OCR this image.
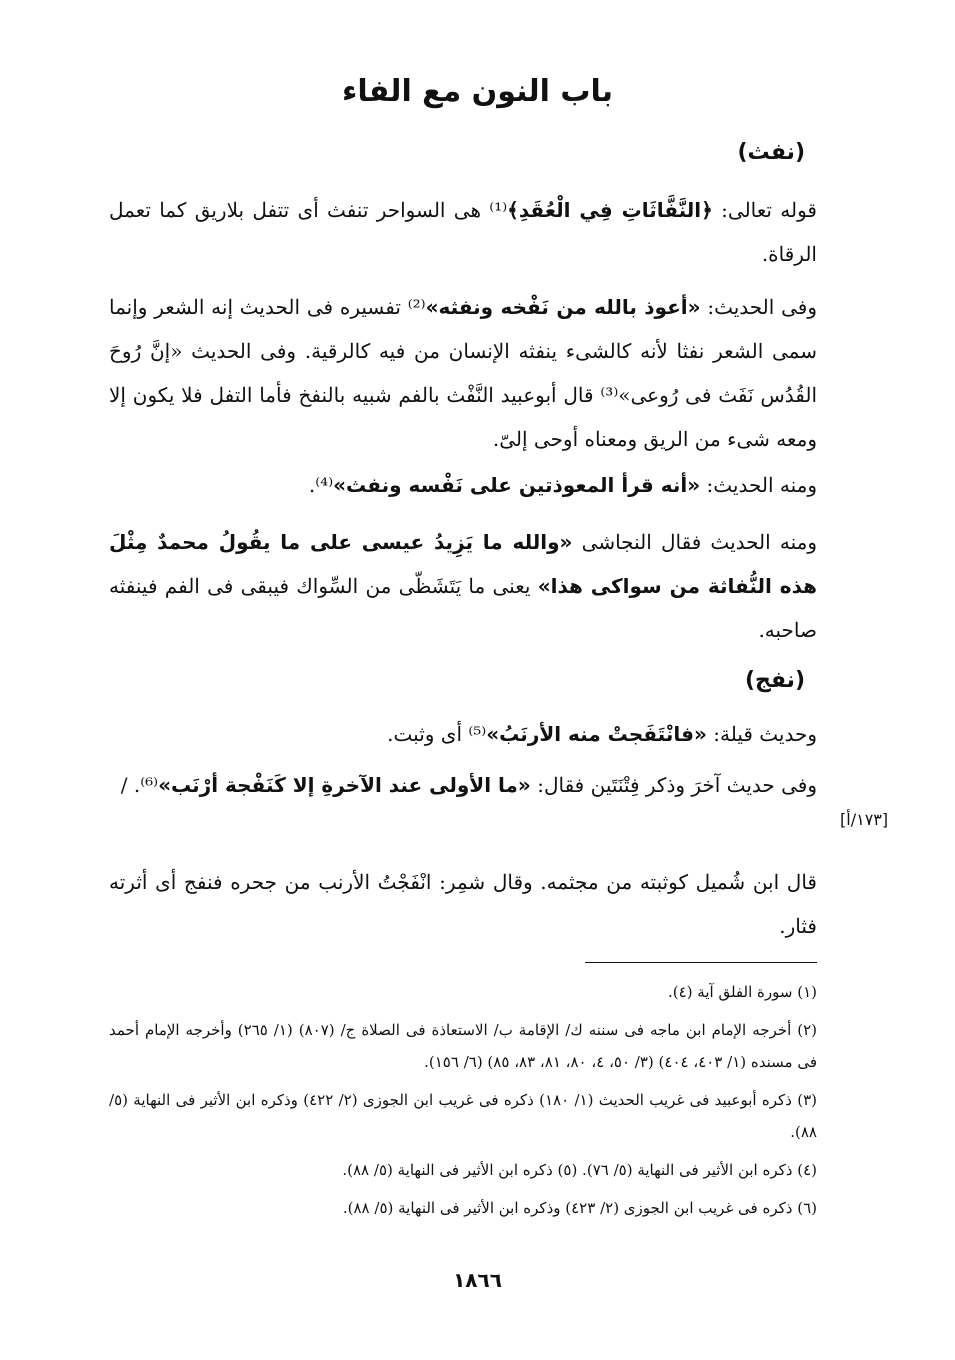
باب النون مع الفاء
(نفث)

قوله تعالى: ﴿النَّفَّاثَاتِ فِي الْعُقَدِ﴾⁽¹⁾ هى السواحر تنفث أى تتفل بلاريق كما تعمل الرقاة.

وفى الحديث: «أعوذ بالله من نَفْخه ونفثه»⁽²⁾ تفسيره فى الحديث إنه الشعر وإنما سمى الشعر نفثا لأنه كالشىء ينفثه الإنسان من فيه كالرقية. وفى الحديث «إنَّ رُوحَ القُدُس نَفَث فى رُوعى»⁽³⁾ قال أبوعبيد النَّفْث بالفم شبيه بالنفخ فأما التفل فلا يكون إلا ومعه شىء من الريق ومعناه أوحى إلىّ.

ومنه الحديث: «أنه قرأ المعوذتين على نَفْسه ونفث»⁽⁴⁾.

ومنه الحديث فقال النجاشى «والله ما يَزِيدُ عيسى على ما يقُولُ محمدٌ مِثْلَ هذه النُّفاثة من سواكى هذا» يعنى ما يَتَشَظّى من السِّواك فيبقى فى الفم فينفثه صاحبه.

(نفج)

وحديث قيلة: «فانْتَفَجتْ منه الأرنَبُ»⁽⁵⁾ أى وثبت.

وفى حديث آخرَ وذكر فِتْنَتَين فقال: «ما الأولى عند الآخرةِ إلا كَنَفْجة أرْنَب»⁽⁶⁾. /

[١٧٣/أ]

قال ابن شُميل كوثبته من مجثمه. وقال شمِر: انْفَجْتُ الأرنب من جحره فنفج أى أثرته فثار.

(١) سورة الفلق آية (٤).
(٢) أخرجه الإمام ابن ماجه فى سننه ك/ الإقامة ب/ الاستعاذة فى الصلاة ج/ (٨٠٧) (١/ ٢٦٥) وأخرجه الإمام أحمد فى مسنده (١/ ٤٠٣، ٤٠٤) (٣/ ٥٠، ٤، ٨٠، ٨١، ٨٣، ٨٥) (٦/ ١٥٦).
(٣) ذكره أبوعبيد فى غريب الحديث (١/ ١٨٠) ذكره فى غريب ابن الجوزى (٢/ ٤٢٢) وذكره ابن الأثير فى النهاية (٥/ ٨٨).
(٤) ذكره ابن الأثير فى النهاية (٥/ ٧٦). (٥) ذكره ابن الأثير فى النهاية (٥/ ٨٨).
(٦) ذكره فى غريب ابن الجوزى (٢/ ٤٢٣) وذكره ابن الأثير فى النهاية (٥/ ٨٨).

١٨٦٦
